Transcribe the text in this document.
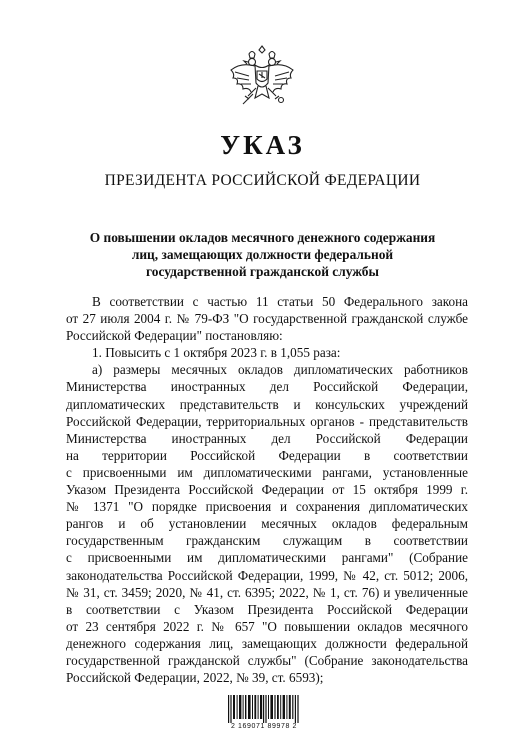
УКАЗ
ПРЕЗИДЕНТА РОССИЙСКОЙ ФЕДЕРАЦИИ
О повышении окладов месячного денежного содержания
лиц, замещающих должности федеральной
государственной гражданской службы
В соответствии с частью 11 статьи 50 Федерального закона
от 27 июля 2004 г. № 79-ФЗ "О государственной гражданской службе
Российской Федерации" постановляю:
1. Повысить с 1 октября 2023 г. в 1,055 раза:
а) размеры месячных окладов дипломатических работников
Министерства иностранных дел Российской Федерации,
дипломатических представительств и консульских учреждений
Российской Федерации, территориальных органов - представительств
Министерства иностранных дел Российской Федерации
на территории Российской Федерации в соответствии
с присвоенными им дипломатическими рангами, установленные
Указом Президента Российской Федерации от 15 октября 1999 г.
№ 1371 "О порядке присвоения и сохранения дипломатических
рангов и об установлении месячных окладов федеральным
государственным гражданским служащим в соответствии
с присвоенными им дипломатическими рангами" (Собрание
законодательства Российской Федерации, 1999, № 42, ст. 5012; 2006,
№ 31, ст. 3459; 2020, № 41, ст. 6395; 2022, № 1, ст. 76) и увеличенные
в соответствии с Указом Президента Российской Федерации
от 23 сентября 2022 г. № 657 "О повышении окладов месячного
денежного содержания лиц, замещающих должности федеральной
государственной гражданской службы" (Собрание законодательства
Российской Федерации, 2022, № 39, ст. 6593);
2 169071 89978 2
